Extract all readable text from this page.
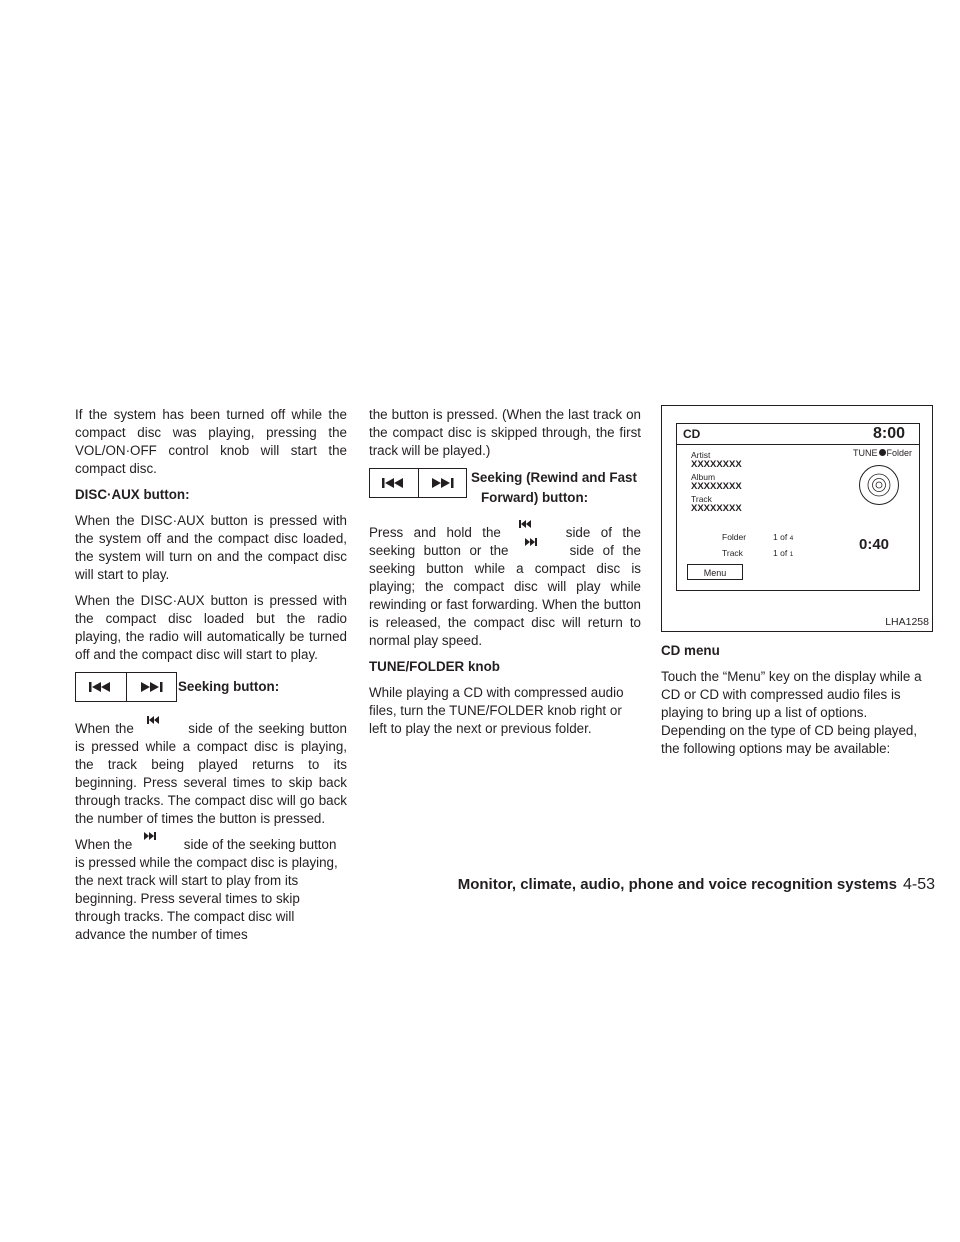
If the system has been turned off while the compact disc was playing, pressing the VOL/ON·OFF control knob will start the compact disc.

DISC·AUX button:

When the DISC·AUX button is pressed with the system off and the compact disc loaded, the system will turn on and the compact disc will start to play.

When the DISC·AUX button is pressed with the compact disc loaded but the radio playing, the radio will automatically be turned off and the compact disc will start to play.

Seeking button:

When the	side of the seeking button is pressed while a compact disc is playing, the track being played returns to its beginning. Press several times to skip back through tracks. The compact disc will go back the number of times the button is pressed.

When the	side of the seeking button is pressed while the compact disc is playing, the next track will start to play from its beginning. Press several times to skip through tracks. The compact disc will advance the number of times

the button is pressed. (When the last track on the compact disc is skipped through, the first track will be played.)

Seeking (Rewind and Fast
Forward) button:

Press and hold the	side of the seeking button or the	side of the seeking button while a compact disc is playing; the compact disc will play while rewinding or fast forwarding. When the button is released, the compact disc will return to normal play speed.

TUNE/FOLDER knob

While playing a CD with compressed audio files, turn the TUNE/FOLDER knob right or left to play the next or previous folder.

CD	8:00
Artist
XXXXXXXX
Album
XXXXXXXX
Track
XXXXXXXX
TUNE Folder
Folder	1 of 4
Track	1 of 1
0:40
Menu
LHA1258
CD menu

Touch the “Menu” key on the display while a CD or CD with compressed audio files is playing to bring up a list of options. Depending on the type of CD being played, the following options may be available:

Monitor, climate, audio, phone and voice recognition systems 4-53
